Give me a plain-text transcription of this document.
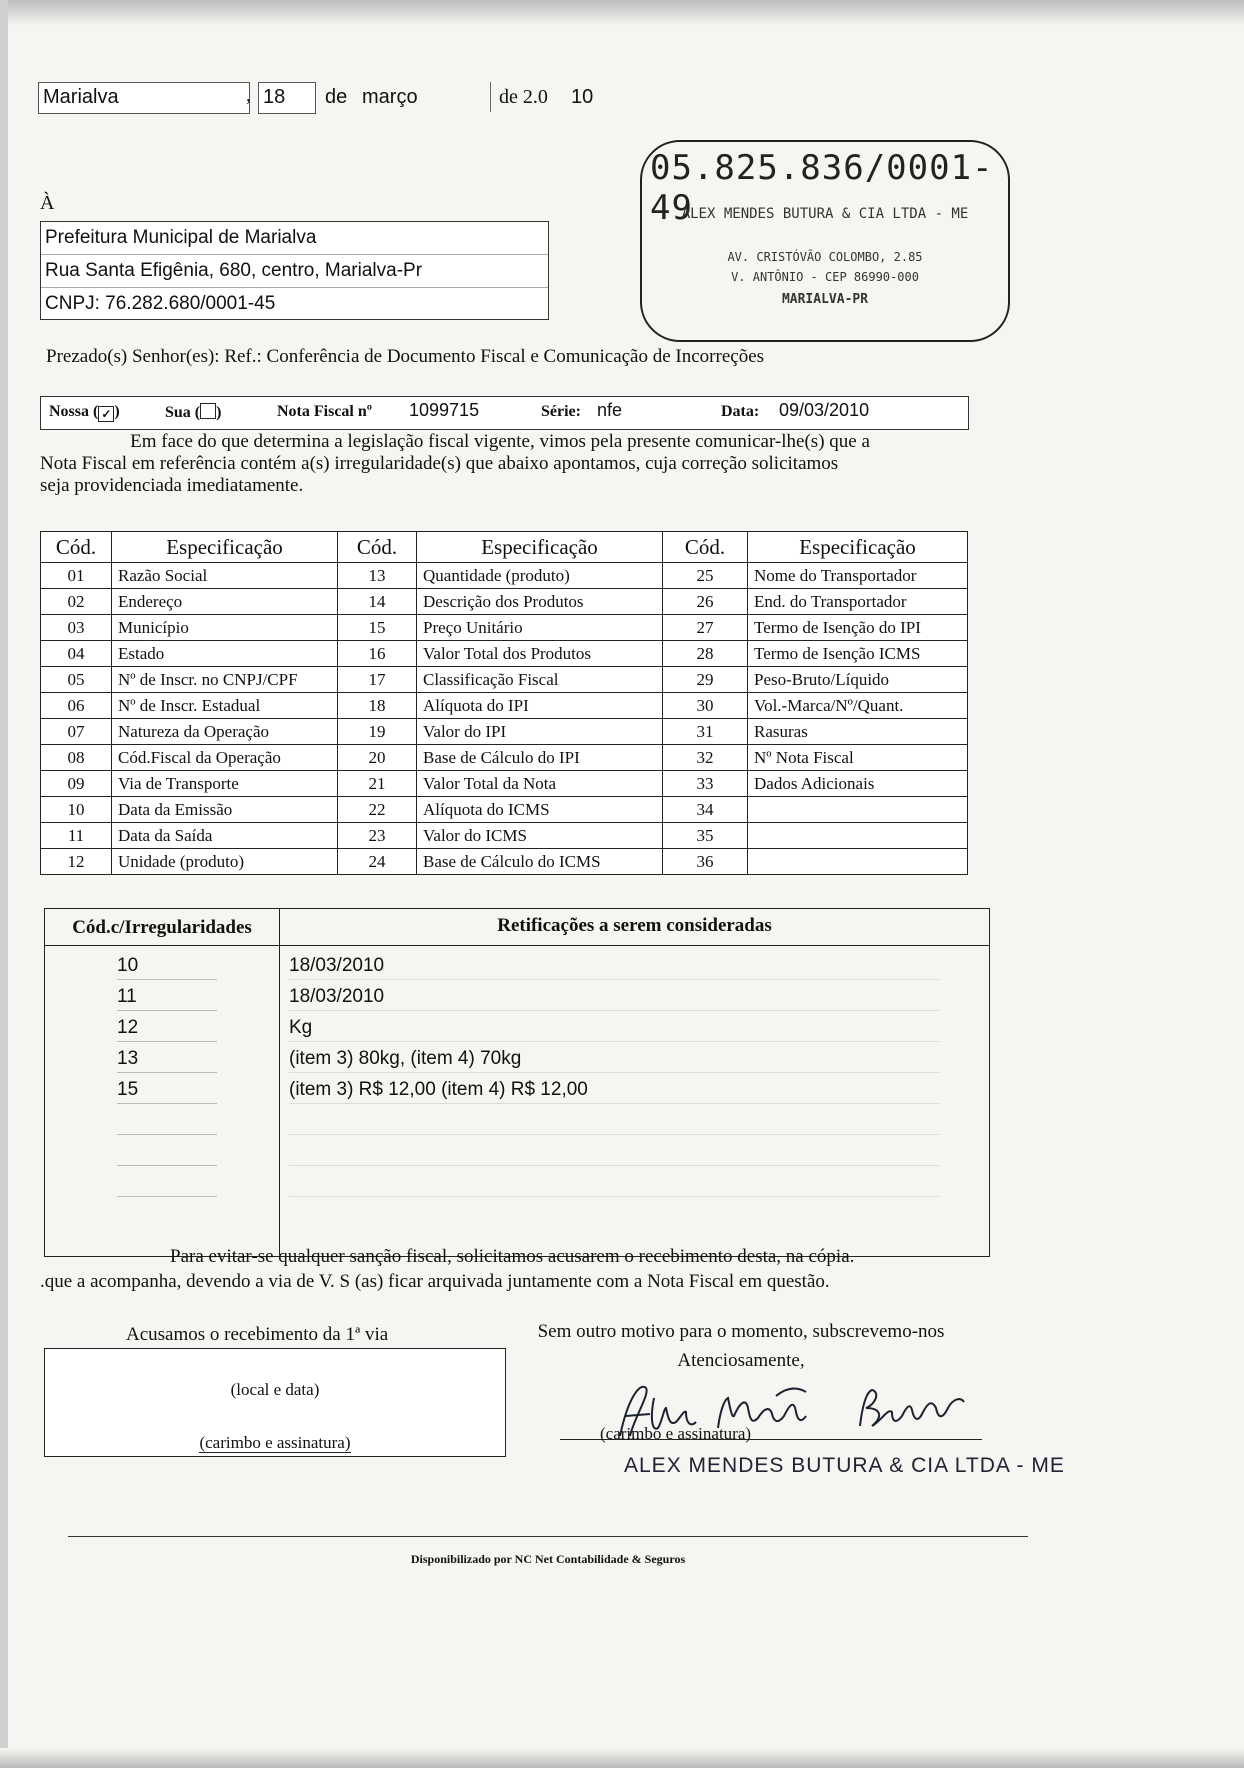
Marialva	, 18 de março	de 2.0 10
À
Prefeitura Municipal de Marialva
Rua Santa Efigênia, 680, centro, Marialva-Pr
CNPJ: 76.282.680/0001-45
05.825.836/0001-49
ALEX MENDES BUTURA & CIA LTDA - ME
AV. CRISTÓVÃO COLOMBO, 2.85
V. ANTÔNIO - CEP 86990-000
MARIALVA-PR
Prezado(s) Senhor(es): Ref.: Conferência de Documento Fiscal e Comunicação de Incorreções
Nossa ( ✓ )	Sua ( )	Nota Fiscal nº 1099715	Série: nfe	Data: 09/03/2010

Em face do que determina a legislação fiscal vigente, vimos pela presente comunicar-lhe(s) que a

Nota Fiscal em referência contém a(s) irregularidade(s) que abaixo apontamos, cuja correção solicitamos

seja providenciada imediatamente.

Cód.	Especificação	Cód.	Especificação	Cód.	Especificação
01	Razão Social	13	Quantidade (produto)	25	Nome do Transportador
02	Endereço	14	Descrição dos Produtos	26	End. do Transportador
03	Município	15	Preço Unitário	27	Termo de Isenção do IPI
04	Estado	16	Valor Total dos Produtos	28	Termo de Isenção ICMS
05	Nº de Inscr. no CNPJ/CPF	17	Classificação Fiscal	29	Peso-Bruto/Líquido
06	Nº de Inscr. Estadual	18	Alíquota do IPI	30	Vol.-Marca/Nº/Quant.
07	Natureza da Operação	19	Valor do IPI	31	Rasuras
08	Cód.Fiscal da Operação	20	Base de Cálculo do IPI	32	Nº Nota Fiscal
09	Via de Transporte	21	Valor Total da Nota	33	Dados Adicionais
10	Data da Emissão	22	Alíquota do ICMS	34	
11	Data da Saída	23	Valor do ICMS	35	
12	Unidade (produto)	24	Base de Cálculo do ICMS	36	
Cód.c/Irregularidades	Retificações a serem consideradas
10	18/03/2010
11	18/03/2010
12	Kg
13	(item 3) 80kg, (item 4) 70kg
15	(item 3) R$ 12,00 (item 4) R$ 12,00

Para evitar-se qualquer sanção fiscal, solicitamos acusarem o recebimento desta, na cópia.

.que a acompanha, devendo a via de V. S (as) ficar arquivada juntamente com a Nota Fiscal em questão.

Acusamos o recebimento da 1ª via
(local e data)
(carimbo e assinatura)
Sem outro motivo para o momento, subscrevemo-nos
Atenciosamente,
(carimbo e assinatura)
ALEX MENDES BUTURA & CIA LTDA - ME
Disponibilizado por NC Net Contabilidade & Seguros
